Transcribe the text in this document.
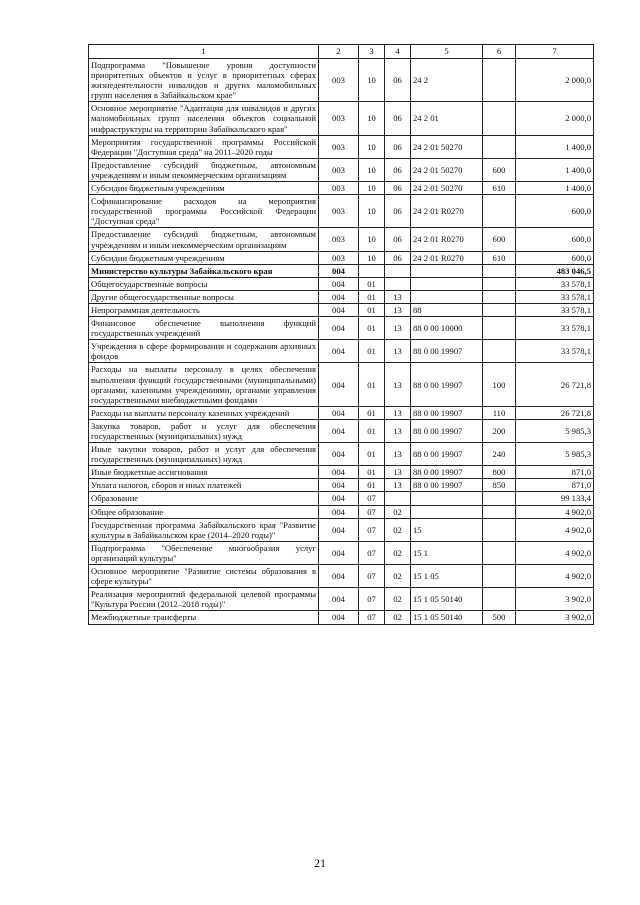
1	2	3	4	5	6	7
Подпрограмма "Повышение уровня доступности приоритетных объектов и услуг в приоритетных сферах жизнедеятельности инвалидов и других маломобильных групп населения в Забайкальском крае"	003	10	06	24 2		2 000,0
Основное мероприятие "Адаптация для инвалидов и других маломобильных групп населения объектов социальной инфраструктуры на территории Забайкальского края"	003	10	06	24 2 01		2 000,0
Мероприятия государственной программы Российской Федерации "Доступная среда" на 2011–2020 годы	003	10	06	24 2 01 50270		1 400,0
Предоставление субсидий бюджетным, автономным учреждениям и иным некоммерческим организациям	003	10	06	24 2 01 50270	600	1 400,0
Субсидии бюджетным учреждениям	003	10	06	24 2 01 50270	610	1 400,0
Софинансирование расходов на мероприятия государственной программы Российской Федерации "Доступная среда"	003	10	06	24 2 01 R0270		600,0
Предоставление субсидий бюджетным, автономным учреждениям и иным некоммерческим организациям	003	10	06	24 2 01 R0270	600	600,0
Субсидии бюджетным учреждениям	003	10	06	24 2 01 R0270	610	600,0
Министерство культуры Забайкальского края	004					483 046,5
Общегосударственные вопросы	004	01				33 578,1
Другие общегосударственные вопросы	004	01	13			33 578,1
Непрограммная деятельность	004	01	13	88		33 578,1
Финансовое обеспечение выполнения функций государственных учреждений	004	01	13	88 0 00 10000		33 578,1
Учреждения в сфере формирования и содержания архивных фондов	004	01	13	88 0 00 19907		33 578,1
Расходы на выплаты персоналу в целях обеспечения выполнения функций государственными (муниципальными) органами, казенными учреждениями, органами управления государственными внебюджетными фондами	004	01	13	88 0 00 19907	100	26 721,8
Расходы на выплаты персоналу казенных учреждений	004	01	13	88 0 00 19907	110	26 721,8
Закупка товаров, работ и услуг для обеспечения государственных (муниципальных) нужд	004	01	13	88 0 00 19907	200	5 985,3
Иные закупки товаров, работ и услуг для обеспечения государственных (муниципальных) нужд	004	01	13	88 0 00 19907	240	5 985,3
Иные бюджетные ассигнования	004	01	13	88 0 00 19907	800	871,0
Уплата налогов, сборов и иных платежей	004	01	13	88 0 00 19907	850	871,0
Образование	004	07				99 133,4
Общее образование	004	07	02			4 902,0
Государственная программа Забайкальского края "Развитие культуры в Забайкальском крае (2014–2020 годы)"	004	07	02	15		4 902,0
Подпрограмма "Обеспечение многообразия услуг организаций культуры"	004	07	02	15 1		4 902,0
Основное мероприятие "Развитие системы образования в сфере культуры"	004	07	02	15 1 05		4 902,0
Реализация мероприятий федеральной целевой программы "Культура России (2012–2018 годы)"	004	07	02	15 1 05 50140		3 902,0
Межбюджетные трансферты	004	07	02	15 1 05 50140	500	3 902,0
21
